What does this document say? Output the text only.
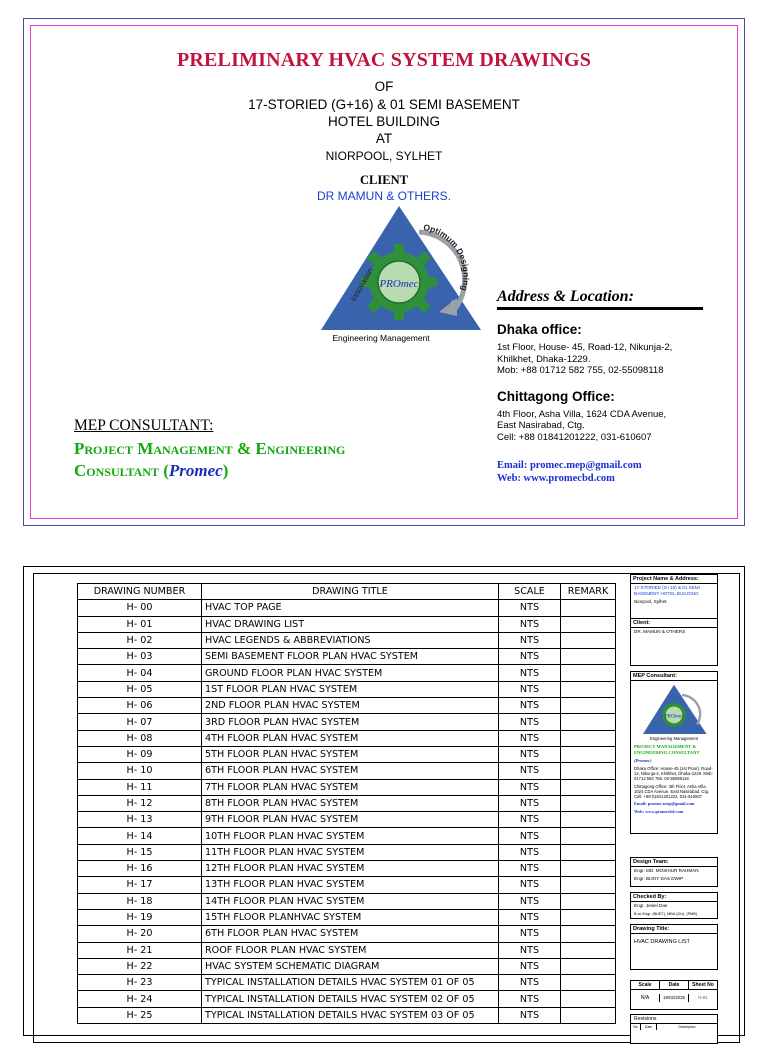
PRELIMINARY HVAC SYSTEM DRAWINGS
OF
17-STORIED (G+16) & 01 SEMI BASEMENT
HOTEL BUILDING
AT
NIORPOOL, SYLHET
CLIENT
DR MAMUN & OTHERS.
PROmec
Optimum Designing
Innovation
Engineering Management
Address & Location:
Dhaka office:
1st Floor, House- 45, Road-12, Nikunja-2,
Khilkhet, Dhaka-1229.
Mob: +88 01712 582 755, 02-55098118
Chittagong Office:
4th Floor, Asha Villa, 1624 CDA Avenue,
East Nasirabad, Ctg.
Cell: +88 01841201222, 031-610607
Email: promec.mep@gmail.com
Web: www.promecbd.com
MEP CONSULTANT:
Project Management & Engineering
Consultant (Promec)
DRAWING NUMBER	DRAWING TITLE	SCALE	REMARK
H- 00	HVAC TOP PAGE	NTS	
H- 01	HVAC DRAWING LIST	NTS	
H- 02	HVAC LEGENDS & ABBREVIATIONS	NTS	
H- 03	SEMI BASEMENT FLOOR PLAN HVAC SYSTEM	NTS	
H- 04	GROUND FLOOR PLAN HVAC SYSTEM	NTS	
H- 05	1ST FLOOR PLAN HVAC SYSTEM	NTS	
H- 06	2ND FLOOR PLAN HVAC SYSTEM	NTS	
H- 07	3RD FLOOR PLAN HVAC SYSTEM	NTS	
H- 08	4TH FLOOR PLAN HVAC SYSTEM	NTS	
H- 09	5TH FLOOR PLAN HVAC SYSTEM	NTS	
H- 10	6TH FLOOR PLAN HVAC SYSTEM	NTS	
H- 11	7TH FLOOR PLAN HVAC SYSTEM	NTS	
H- 12	8TH FLOOR PLAN HVAC SYSTEM	NTS	
H- 13	9TH FLOOR PLAN HVAC SYSTEM	NTS	
H- 14	10TH FLOOR PLAN HVAC SYSTEM	NTS	
H- 15	11TH FLOOR PLAN HVAC SYSTEM	NTS	
H- 16	12TH FLOOR PLAN HVAC SYSTEM	NTS	
H- 17	13TH FLOOR PLAN HVAC SYSTEM	NTS	
H- 18	14TH FLOOR PLAN HVAC SYSTEM	NTS	
H- 19	15TH FLOOR PLANHVAC SYSTEM	NTS	
H- 20	6TH FLOOR PLAN HVAC SYSTEM	NTS	
H- 21	ROOF FLOOR PLAN HVAC SYSTEM	NTS	
H- 22	HVAC SYSTEM SCHEMATIC DIAGRAM	NTS	
H- 23	TYPICAL INSTALLATION DETAILS HVAC SYSTEM 01 OF 05	NTS	
H- 24	TYPICAL INSTALLATION DETAILS HVAC SYSTEM 02 OF 05	NTS	
H- 25	TYPICAL INSTALLATION DETAILS HVAC SYSTEM 03 OF 05	NTS	
Project Name & Address:
17-STORIED (G+16) & 01 SEMI BASEMENT HOTEL BUILDING
Niorpool, Sylhet.
Client:
DR. MAMUN & OTHERS
MEP Consultant:
PROmec
Engineering Management
PROJECT MANAGEMENT & ENGINEERING CONSULTANT
(Promec)
Dhaka Office: House-45 (1st Floor), Road-12, Nikunja-2, Khilkhet, Dhaka-1229. Mob: 01712 582 755, 02-55098118
Chittagong Office: 4th Floor, Asha Villa, 1624 CDA Avenue, East Nasirabad, Ctg. Cell: +88 01841201222, 031-610607
Email: promec.mep@gmail.com
Web: www.promecbd.com
Design Team:
Engr. MD. MOSHIUR RAHMAN
Engr. BIJOY DAS DWIP
Checked By:
Engr. Jewel Das
B.sc Engr. (BUET), MBA (DU), (PMB)
Drawing Title:
HVAC DRAWING LIST
Scale	Date	Sheet No
N/A	19/02/2025	H-01
Revisions
No	Date	Description
